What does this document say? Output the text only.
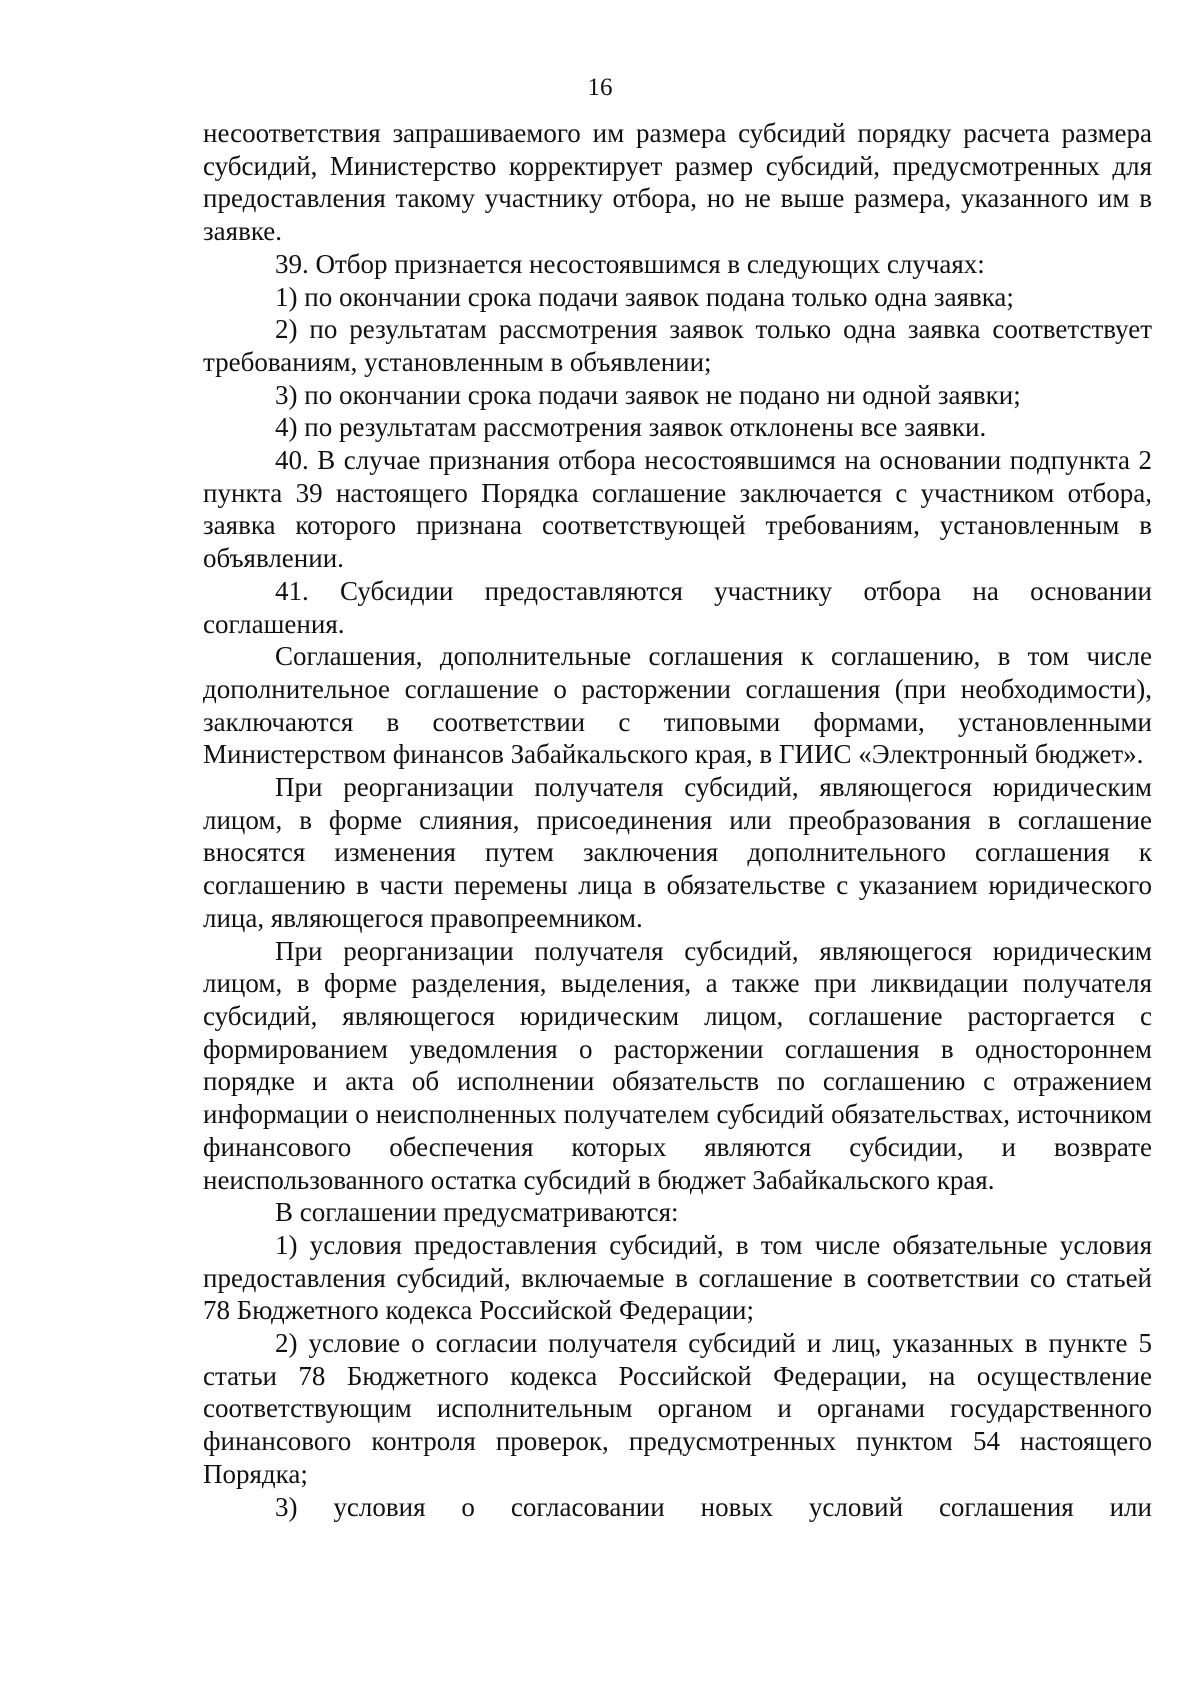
16

несоответствия запрашиваемого им размера субсидий порядку расчета размера субсидий, Министерство корректирует размер субсидий, предусмотренных для предоставления такому участнику отбора, но не выше размера, указанного им в заявке.

39. Отбор признается несостоявшимся в следующих случаях:

1) по окончании срока подачи заявок подана только одна заявка;

2) по результатам рассмотрения заявок только одна заявка соответствует требованиям, установленным в объявлении;

3) по окончании срока подачи заявок не подано ни одной заявки;

4) по результатам рассмотрения заявок отклонены все заявки.

40. В случае признания отбора несостоявшимся на основании подпункта 2 пункта 39 настоящего Порядка соглашение заключается с участником отбора, заявка которого признана соответствующей требованиям, установленным в объявлении.

41. Субсидии предоставляются участнику отбора на основании соглашения.

Соглашения, дополнительные соглашения к соглашению, в том числе дополнительное соглашение о расторжении соглашения (при необходимости), заключаются в соответствии с типовыми формами, установленными Министерством финансов Забайкальского края, в ГИИС «Электронный бюджет».

При реорганизации получателя субсидий, являющегося юридическим лицом, в форме слияния, присоединения или преобразования в соглашение вносятся изменения путем заключения дополнительного соглашения к соглашению в части перемены лица в обязательстве с указанием юридического лица, являющегося правопреемником.

При реорганизации получателя субсидий, являющегося юридическим лицом, в форме разделения, выделения, а также при ликвидации получателя субсидий, являющегося юридическим лицом, соглашение расторгается с формированием уведомления о расторжении соглашения в одностороннем порядке и акта об исполнении обязательств по соглашению с отражением информации о неисполненных получателем субсидий обязательствах, источником финансового обеспечения которых являются субсидии, и возврате неиспользованного остатка субсидий в бюджет Забайкальского края.

В соглашении предусматриваются:

1) условия предоставления субсидий, в том числе обязательные условия предоставления субсидий, включаемые в соглашение в соответствии со статьей 78 Бюджетного кодекса Российской Федерации;

2) условие о согласии получателя субсидий и лиц, указанных в пункте 5 статьи 78 Бюджетного кодекса Российской Федерации, на осуществление соответствующим исполнительным органом и органами государственного финансового контроля проверок, предусмотренных пунктом 54 настоящего Порядка;

3) условия о согласовании новых условий соглашения или
